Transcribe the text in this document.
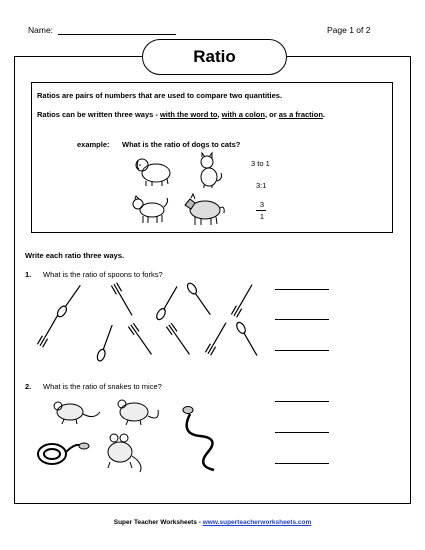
Name:	Page 1 of 2
Ratio
Ratios are pairs of numbers that are used to compare two quantities.
Ratios can be written three ways - with the word to, with a colon, or as a fraction.
example: What is the ratio of dogs to cats?
3 to 1
3:1
3
1
Write each ratio three ways.
1. What is the ratio of spoons to forks?
2. What is the ratio of snakes to mice?
Super Teacher Worksheets - www.superteacherworksheets.com
